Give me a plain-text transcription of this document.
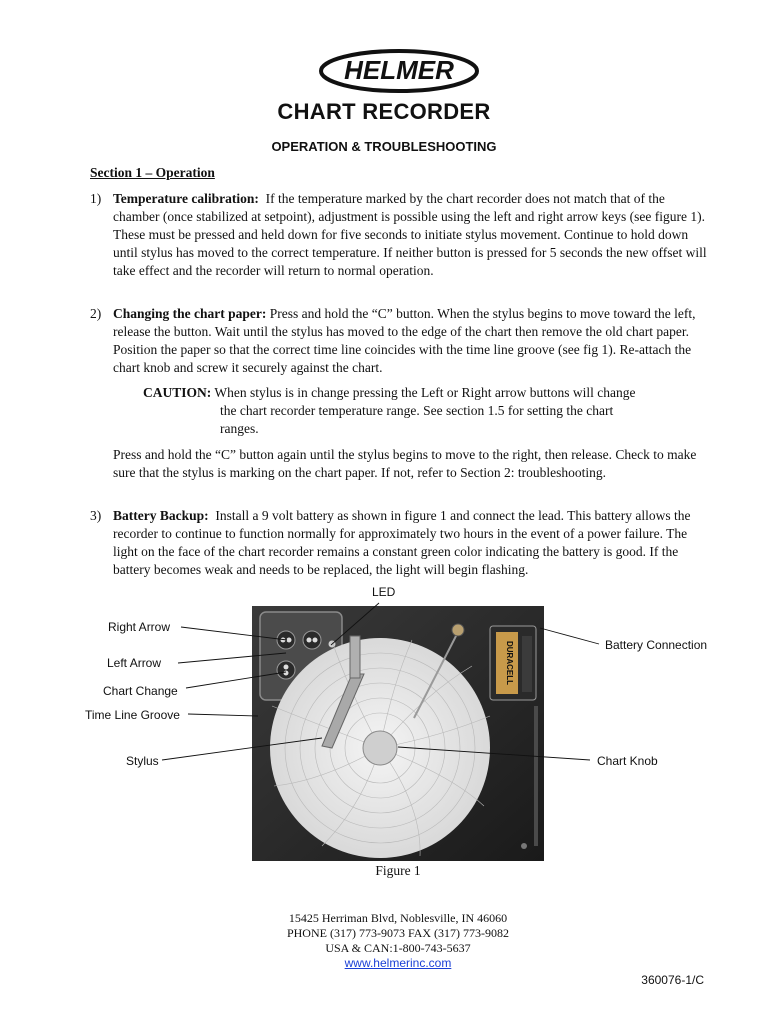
HELMER
CHART RECORDER
OPERATION & TROUBLESHOOTING
Section 1 – Operation
1) Temperature calibration: If the temperature marked by the chart recorder does not match that of the chamber (once stabilized at setpoint), adjustment is possible using the left and right arrow keys (see figure 1). These must be pressed and held down for five seconds to initiate stylus movement. Continue to hold down until stylus has moved to the correct temperature. If neither button is pressed for 5 seconds the new offset will take effect and the recorder will return to normal operation.
2) Changing the chart paper: Press and hold the “C” button. When the stylus begins to move toward the left, release the button. Wait until the stylus has moved to the edge of the chart then remove the old chart paper. Position the paper so that the correct time line coincides with the time line groove (see fig 1). Re-attach the chart knob and screw it securely against the chart.
CAUTION: When stylus is in change pressing the Left or Right arrow buttons will change
the chart recorder temperature range. See section 1.5 for setting the chart
ranges.
Press and hold the “C” button again until the stylus begins to move to the right, then release. Check to make sure that the stylus is marking on the chart paper. If not, refer to Section 2: troubleshooting.
3) Battery Backup: Install a 9 volt battery as shown in figure 1 and connect the lead. This battery allows the recorder to continue to function normally for approximately two hours in the event of a power failure. The light on the face of the chart recorder remains a constant green color indicating the battery is good. If the battery becomes weak and needs to be replaced, the light will begin flashing.
DURACELL
Right Arrow
Left Arrow
Chart Change
Time Line Groove
Stylus
LED
Battery Connection
Chart Knob
Figure 1
15425 Herriman Blvd, Noblesville, IN 46060
PHONE (317) 773-9073 FAX (317) 773-9082
USA & CAN:1-800-743-5637
www.helmerinc.com
360076-1/C
